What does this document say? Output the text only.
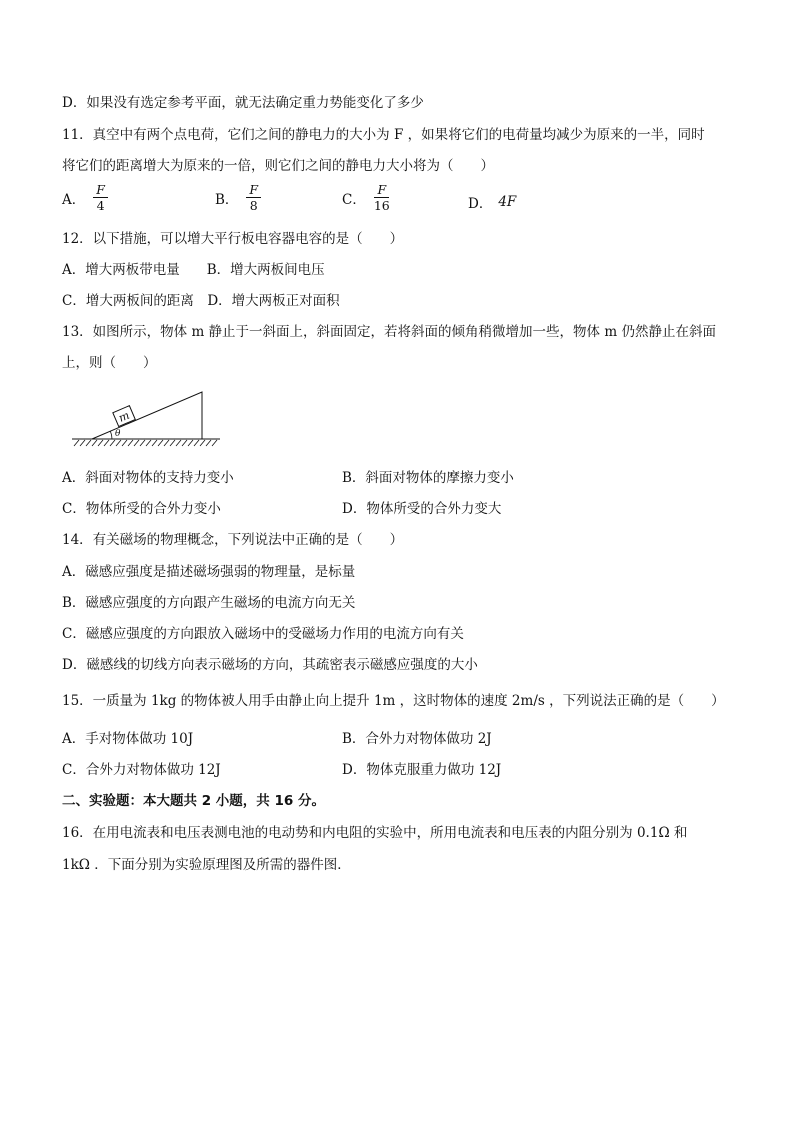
D．如果没有选定参考平面，就无法确定重力势能变化了多少
11．真空中有两个点电荷，它们之间的静电力的大小为 F ，如果将它们的电荷量均减少为原来的一半，同时
将它们的距离增大为原来的一倍，则它们之间的静电力大小将为（　　）
A． $\frac{F}{4}$	B． $\frac{F}{8}$	C． $\frac{F}{16}$	D． 4F
12．以下措施，可以增大平行板电容器电容的是（　　）
A．增大两板带电量　　B．增大两板间电压
C．增大两板间的距离　D．增大两板正对面积
13．如图所示，物体 m 静止于一斜面上，斜面固定，若将斜面的倾角稍微增加一些，物体 m 仍然静止在斜面
上，则（　　）
θ
m
A．斜面对物体的支持力变小	B．斜面对物体的摩擦力变小
C．物体所受的合外力变小	D．物体所受的合外力变大
14．有关磁场的物理概念，下列说法中正确的是（　　）
A．磁感应强度是描述磁场强弱的物理量，是标量
B．磁感应强度的方向跟产生磁场的电流方向无关
C．磁感应强度的方向跟放入磁场中的受磁场力作用的电流方向有关
D．磁感线的切线方向表示磁场的方向，其疏密表示磁感应强度的大小
15．一质量为 1kg 的物体被人用手由静止向上提升 1m ，这时物体的速度 2m/s ，下列说法正确的是（　　）
A．手对物体做功 10J	B．合外力对物体做功 2J
C．合外力对物体做功 12J	D．物体克服重力做功 12J
二、实验题：本大题共 2 小题，共 16 分。
16．在用电流表和电压表测电池的电动势和内电阻的实验中，所用电流表和电压表的内阻分别为 0.1Ω 和
1kΩ ．下面分别为实验原理图及所需的器件图．
